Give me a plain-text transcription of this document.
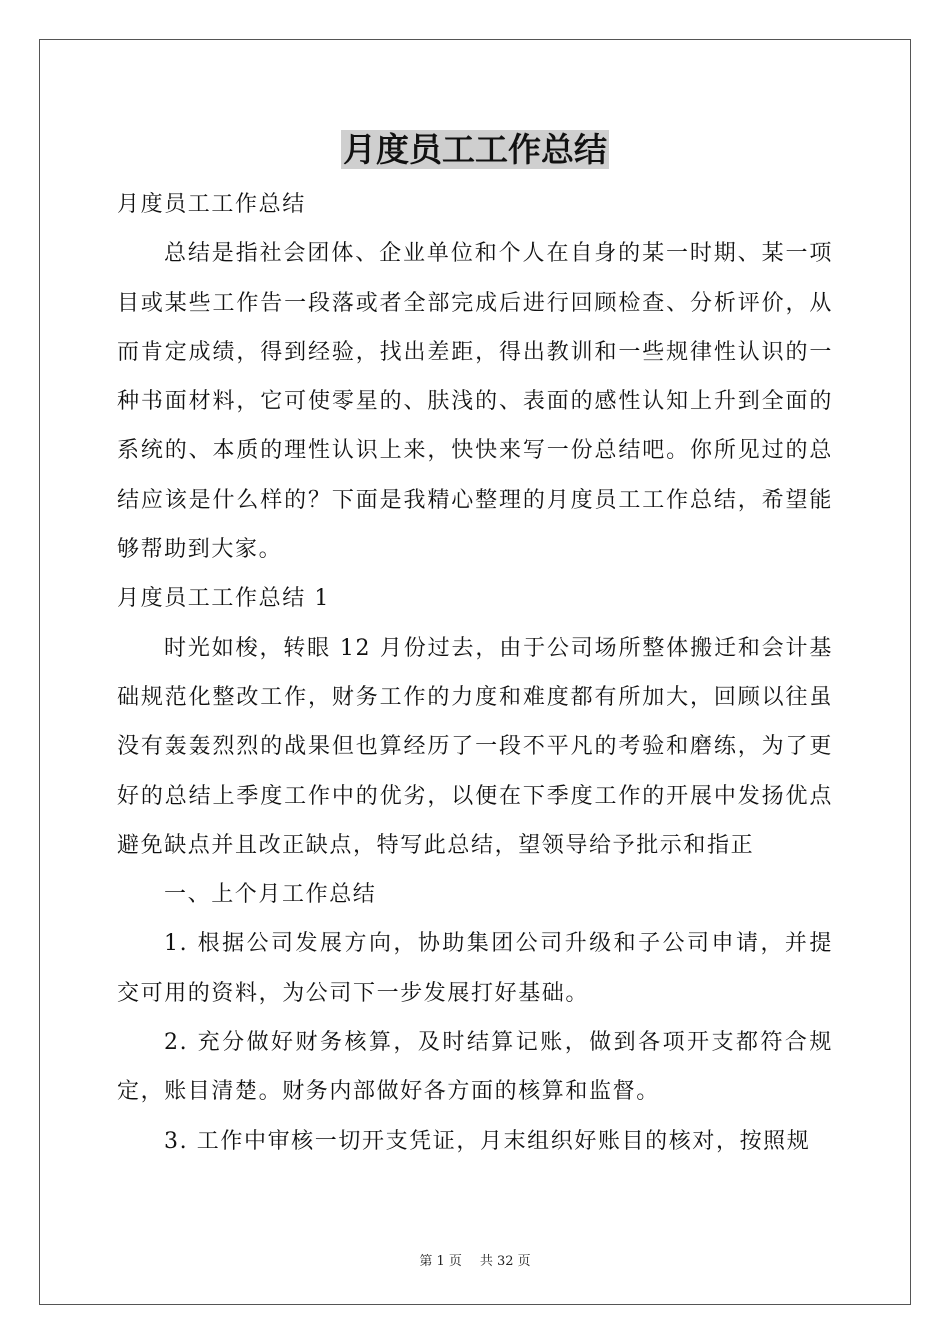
月度员工工作总结

月度员工工作总结

总结是指社会团体、企业单位和个人在自身的某一时期、某一项目或某些工作告一段落或者全部完成后进行回顾检查、分析评价，从而肯定成绩，得到经验，找出差距，得出教训和一些规律性认识的一种书面材料，它可使零星的、肤浅的、表面的感性认知上升到全面的系统的、本质的理性认识上来，快快来写一份总结吧。你所见过的总结应该是什么样的？下面是我精心整理的月度员工工作总结，希望能够帮助到大家。

月度员工工作总结 1

时光如梭，转眼 12 月份过去，由于公司场所整体搬迁和会计基础规范化整改工作，财务工作的力度和难度都有所加大，回顾以往虽没有轰轰烈烈的战果但也算经历了一段不平凡的考验和磨练，为了更好的总结上季度工作中的优劣，以便在下季度工作的开展中发扬优点避免缺点并且改正缺点，特写此总结，望领导给予批示和指正

一、上个月工作总结

1. 根据公司发展方向，协助集团公司升级和子公司申请，并提交可用的资料，为公司下一步发展打好基础。

2. 充分做好财务核算，及时结算记账，做到各项开支都符合规定，账目清楚。财务内部做好各方面的核算和监督。

3. 工作中审核一切开支凭证，月末组织好账目的核对，按照规

第 1 页 共 32 页
